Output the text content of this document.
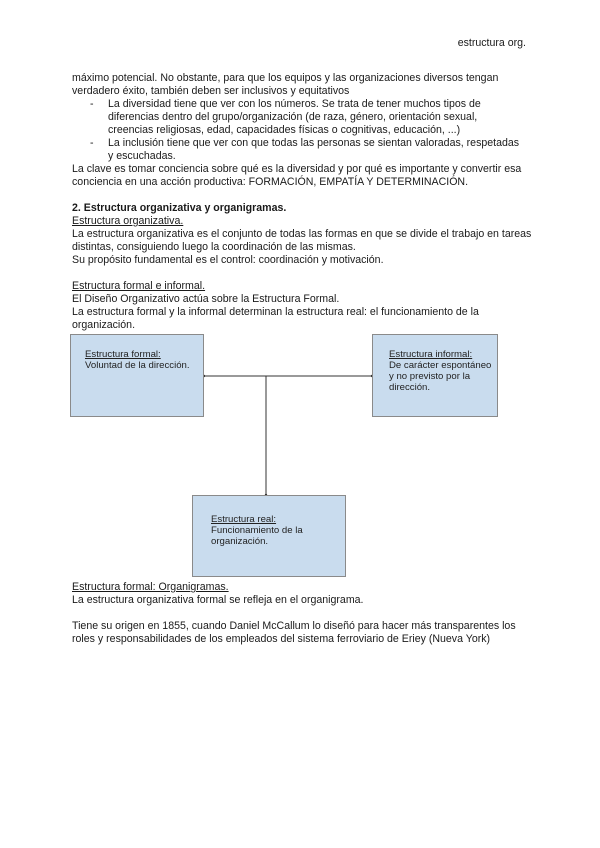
estructura org.

máximo potencial. No obstante, para que los equipos y las organizaciones diversos tengan verdadero éxito, también deben ser inclusivos y equitativos

- La diversidad tiene que ver con los números. Se trata de tener muchos tipos de diferencias dentro del grupo/organización (de raza, género, orientación sexual, creencias religiosas, edad, capacidades físicas o cognitivas, educación, ...)
- La inclusión tiene que ver con que todas las personas se sientan valoradas, respetadas y escuchadas.

La clave es tomar conciencia sobre qué es la diversidad y por qué es importante y convertir esa conciencia en una acción productiva: FORMACIÓN, EMPATÍA Y DETERMINACIÓN.

2. Estructura organizativa y organigramas.

Estructura organizativa.

La estructura organizativa es el conjunto de todas las formas en que se divide el trabajo en tareas distintas, consiguiendo luego la coordinación de las mismas.

Su propósito fundamental es el control: coordinación y motivación.

Estructura formal e informal.

El Diseño Organizativo actúa sobre la Estructura Formal.

La estructura formal y la informal determinan la estructura real: el funcionamiento de la organización.

Estructura formal:
Voluntad de la dirección.
Estructura informal:
De carácter espontáneo y no previsto por la dirección.
Estructura real:
Funcionamiento de la organización.

Estructura formal: Organigramas.

La estructura organizativa formal se refleja en el organigrama.

Tiene su origen en 1855, cuando Daniel McCallum lo diseñó para hacer más transparentes los roles y responsabilidades de los empleados del sistema ferroviario de Eriey (Nueva York)
